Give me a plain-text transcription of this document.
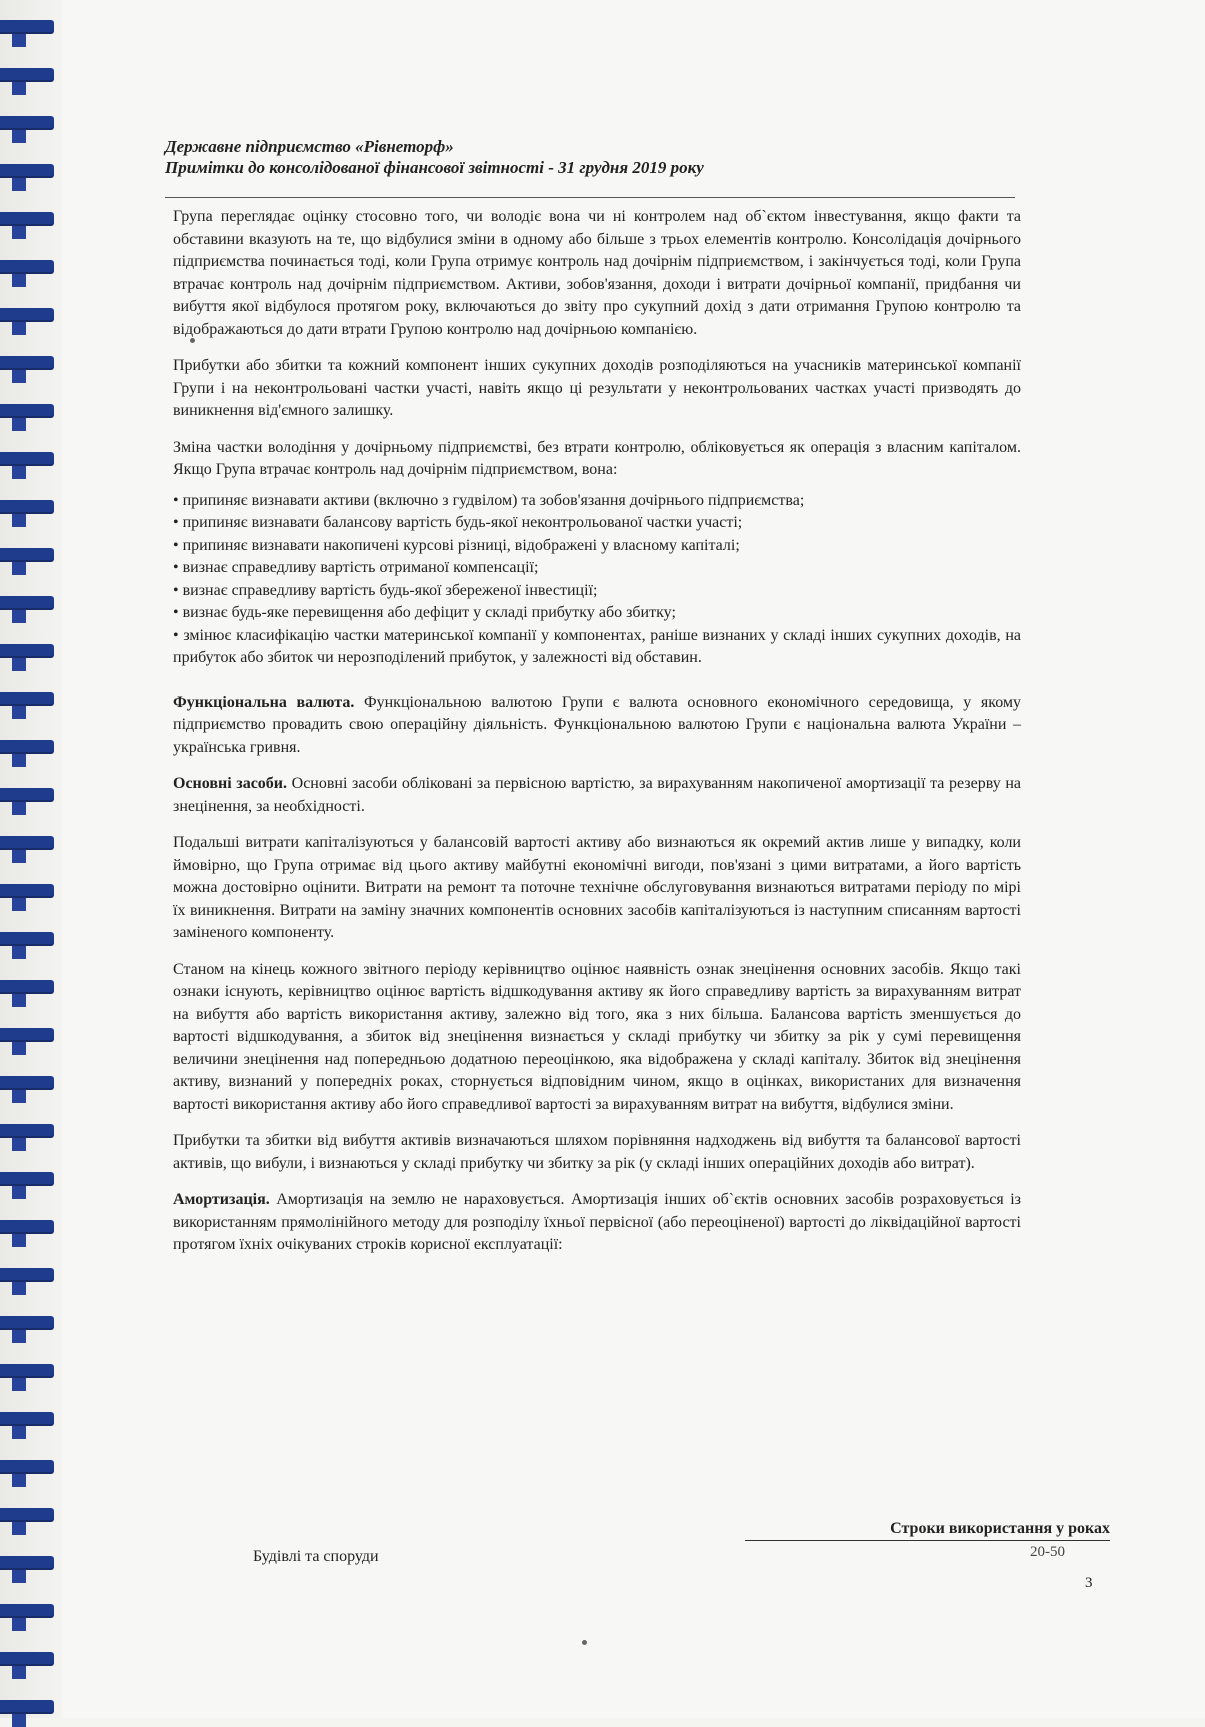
Державне підприємство «Рівнеторф»
Примітки до консолідованої фінансової звітності - 31 грудня 2019 року

Група переглядає оцінку стосовно того, чи володіє вона чи ні контролем над об`єктом інвестування, якщо факти та обставини вказують на те, що відбулися зміни в одному або більше з трьох елементів контролю. Консолідація дочірнього підприємства починається тоді, коли Група отримує контроль над дочірнім підприємством, і закінчується тоді, коли Група втрачає контроль над дочірнім підприємством. Активи, зобов'язання, доходи і витрати дочірньої компанії, придбання чи вибуття якої відбулося протягом року, включаються до звіту про сукупний дохід з дати отримання Групою контролю та відображаються до дати втрати Групою контролю над дочірньою компанією.

Прибутки або збитки та кожний компонент інших сукупних доходів розподіляються на учасників материнської компанії Групи і на неконтрольовані частки участі, навіть якщо ці результати у неконтрольованих частках участі призводять до виникнення від'ємного залишку.

Зміна частки володіння у дочірньому підприємстві, без втрати контролю, обліковується як операція з власним капіталом. Якщо Група втрачає контроль над дочірнім підприємством, вона:

• припиняє визнавати активи (включно з гудвілом) та зобов'язання дочірнього підприємства;
• припиняє визнавати балансову вартість будь-якої неконтрольованої частки участі;
• припиняє визнавати накопичені курсові різниці, відображені у власному капіталі;
• визнає справедливу вартість отриманої компенсації;
• визнає справедливу вартість будь-якої збереженої інвестиції;
• визнає будь-яке перевищення або дефіцит у складі прибутку або збитку;
• змінює класифікацію частки материнської компанії у компонентах, раніше визнаних у складі інших сукупних доходів, на прибуток або збиток чи нерозподілений прибуток, у залежності від обставин.

Функціональна валюта. Функціональною валютою Групи є валюта основного економічного середовища, у якому підприємство провадить свою операційну діяльність. Функціональною валютою Групи є національна валюта України – українська гривня.

Основні засоби. Основні засоби обліковані за первісною вартістю, за вирахуванням накопиченої амортизації та резерву на знецінення, за необхідності.

Подальші витрати капіталізуються у балансовій вартості активу або визнаються як окремий актив лише у випадку, коли ймовірно, що Група отримає від цього активу майбутні економічні вигоди, пов'язані з цими витратами, а його вартість можна достовірно оцінити. Витрати на ремонт та поточне технічне обслуговування визнаються витратами періоду по мірі їх виникнення. Витрати на заміну значних компонентів основних засобів капіталізуються із наступним списанням вартості заміненого компоненту.

Станом на кінець кожного звітного періоду керівництво оцінює наявність ознак знецінення основних засобів. Якщо такі ознаки існують, керівництво оцінює вартість відшкодування активу як його справедливу вартість за вирахуванням витрат на вибуття або вартість використання активу, залежно від того, яка з них більша. Балансова вартість зменшується до вартості відшкодування, а збиток від знецінення визнається у складі прибутку чи збитку за рік у сумі перевищення величини знецінення над попередньою додатною переоцінкою, яка відображена у складі капіталу. Збиток від знецінення активу, визнаний у попередніх роках, сторнується відповідним чином, якщо в оцінках, використаних для визначення вартості використання активу або його справедливої вартості за вирахуванням витрат на вибуття, відбулися зміни.

Прибутки та збитки від вибуття активів визначаються шляхом порівняння надходжень від вибуття та балансової вартості активів, що вибули, і визнаються у складі прибутку чи збитку за рік (у складі інших операційних доходів або витрат).

Амортизація. Амортизація на землю не нараховується. Амортизація інших об`єктів основних засобів розраховується із використанням прямолінійного методу для розподілу їхньої первісної (або переоціненої) вартості до ліквідаційної вартості протягом їхніх очікуваних строків корисної експлуатації:

Строки використання у роках
Будівлі та споруди	20-50
3
